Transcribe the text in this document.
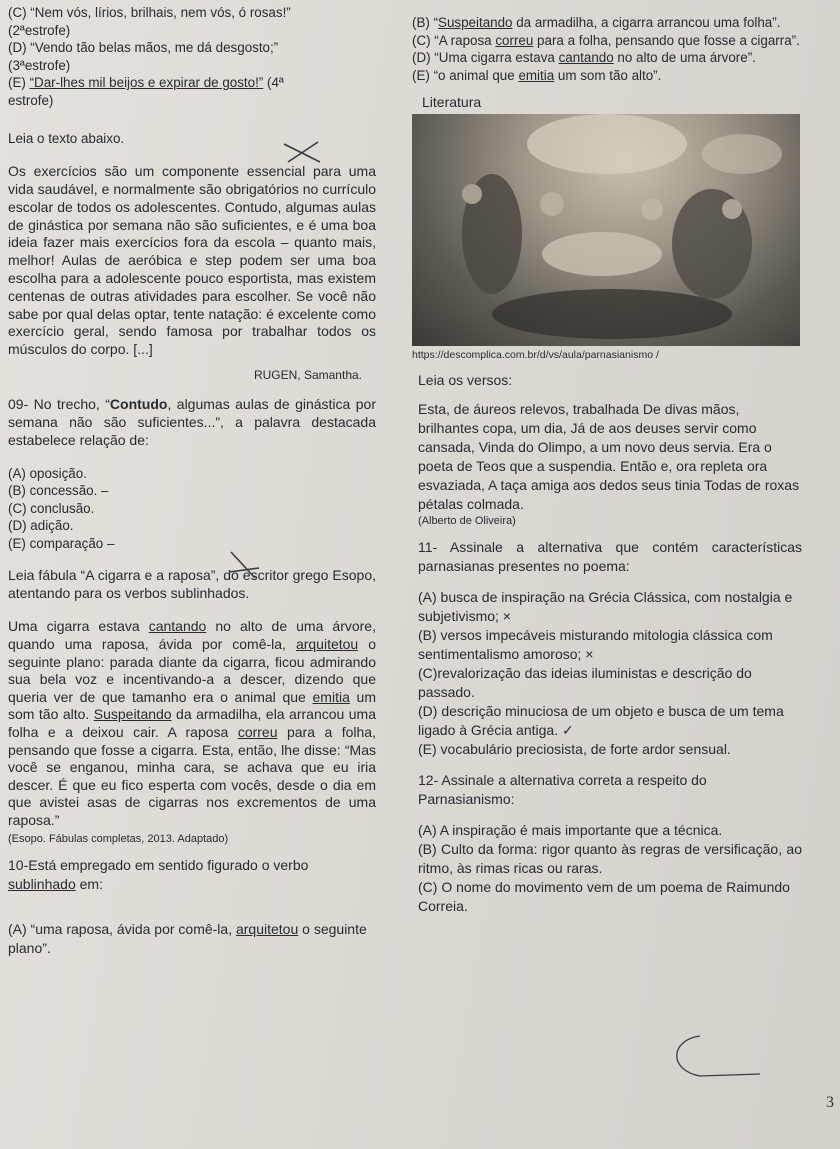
(C) “Nem vós, lírios, brilhais, nem vós, ó rosas!”

(2ªestrofe)

(D) “Vendo tão belas mãos, me dá desgosto;”

(3ªestrofe)

(E) “Dar-lhes mil beijos e expirar de gosto!” (4ª

estrofe)

Leia o texto abaixo.

Os exercícios são um componente essencial para uma vida saudável, e normalmente são obrigatórios no currículo escolar de todos os adolescentes. Contudo, algumas aulas de ginástica por semana não são suficientes, e é uma boa ideia fazer mais exercícios fora da escola – quanto mais, melhor! Aulas de aeróbica e step podem ser uma boa escolha para a adolescente pouco esportista, mas existem centenas de outras atividades para escolher. Se você não sabe por qual delas optar, tente natação: é excelente como exercício geral, sendo famosa por trabalhar todos os músculos do corpo. [...]

RUGEN, Samantha.

09- No trecho, “Contudo, algumas aulas de ginástica por semana não são suficientes...”, a palavra destacada estabelece relação de:

(A) oposição.

(B) concessão. –

(C) conclusão.

(D) adição.

(E) comparação –

Leia fábula “A cigarra e a raposa”, do escritor grego Esopo, atentando para os verbos sublinhados.

Uma cigarra estava cantando no alto de uma árvore, quando uma raposa, ávida por comê-la, arquitetou o seguinte plano: parada diante da cigarra, ficou admirando sua bela voz e incentivando-a a descer, dizendo que queria ver de que tamanho era o animal que emitia um som tão alto. Suspeitando da armadilha, ela arrancou uma folha e a deixou cair. A raposa correu para a folha, pensando que fosse a cigarra. Esta, então, lhe disse: “Mas você se enganou, minha cara, se achava que eu iria descer. É que eu fico esperta com vocês, desde o dia em que avistei asas de cigarras nos excrementos de uma raposa.”

(Esopo. Fábulas completas, 2013. Adaptado)

10-Está empregado em sentido figurado o verbo sublinhado em:

(A) “uma raposa, ávida por comê-la, arquitetou o seguinte plano”.

(B) “Suspeitando da armadilha, a cigarra arrancou uma folha”.

(C) “A raposa correu para a folha, pensando que fosse a cigarra”.

(D) “Uma cigarra estava cantando no alto de uma árvore”.

(E) “o animal que emitia um som tão alto”.

Literatura

https://descomplica.com.br/d/vs/aula/parnasianismo /

Leia os versos:

Esta, de áureos relevos, trabalhada De divas mãos, brilhantes copa, um dia, Já de aos deuses servir como cansada, Vinda do Olimpo, a um novo deus servia. Era o poeta de Teos que a suspendia. Então e, ora repleta ora esvaziada, A taça amiga aos dedos seus tinia Todas de roxas pétalas colmada.

(Alberto de Oliveira)

11- Assinale a alternativa que contém características parnasianas presentes no poema:

(A) busca de inspiração na Grécia Clássica, com nostalgia e subjetivismo; ×

(B) versos impecáveis misturando mitologia clássica com sentimentalismo amoroso; ×

(C)revalorização das ideias iluministas e descrição do passado.

(D) descrição minuciosa de um objeto e busca de um tema ligado à Grécia antiga. ✓

(E) vocabulário preciosista, de forte ardor sensual.

12- Assinale a alternativa correta a respeito do Parnasianismo:

(A) A inspiração é mais importante que a técnica.

(B) Culto da forma: rigor quanto às regras de versificação, ao ritmo, às rimas ricas ou raras.

(C) O nome do movimento vem de um poema de Raimundo Correia.

3
